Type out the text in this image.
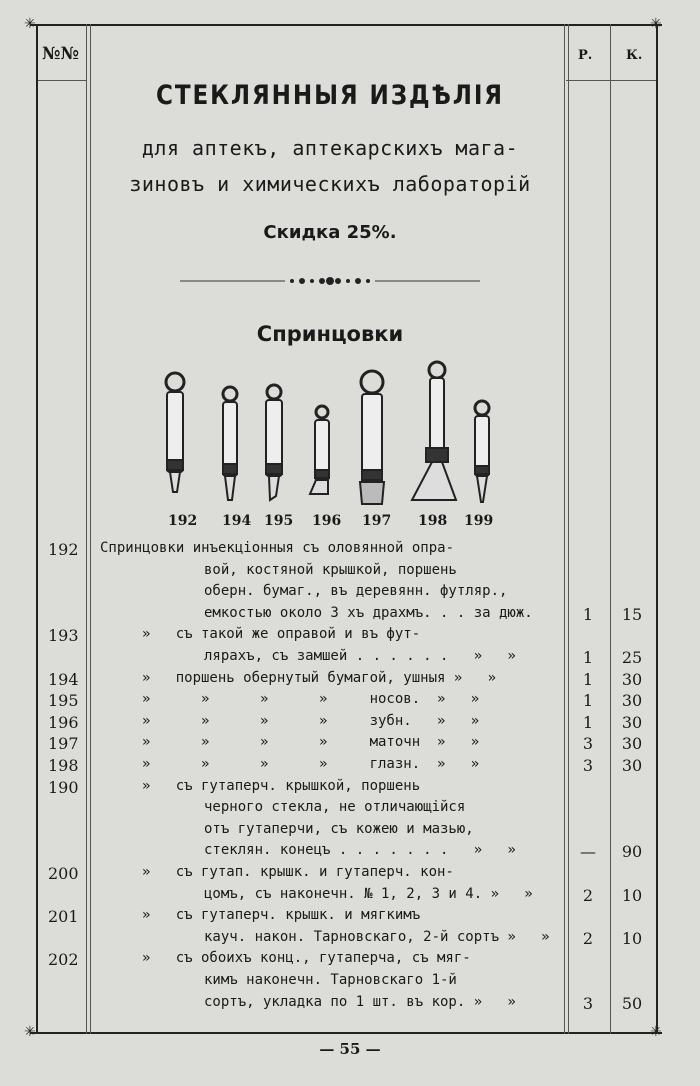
✳	✳
✳	✳
№№	Р.	К.
СТЕКЛЯННЫЯ ИЗДѢЛІЯ
для аптекъ, аптекарскихъ мага-
зиновъ и химическихъ лабораторій
Скидка 25%.
Спринцовки
192 194 195 196 197 198 199
192	Спринцовки инъекціонныя съ оловянной опра-
вой, костяной крышкой, поршень
оберн. бумаг., въ деревянн. футляр.,
емкостью около 3 хъ драхмъ. . . за дюж.	1	15
193	»   съ такой же оправой и въ фут-
лярахъ, съ замшей . . . . . .   »   »	1	25
194	»   поршень обернутый бумагой, ушныя »   »	1	30
195	»      »      »      »     носов.  »   »	1	30
196	»      »      »      »     зубн.   »   »	1	30
197	»      »      »      »     маточн  »   »	3	30
198	»      »      »      »     глазн.  »   »	3	30
190	»   съ гутаперч. крышкой, поршень
черного стекла, не отличающійся
отъ гутаперчи, съ кожею и мазью,
стеклян. конецъ . . . . . . .   »   »	—	90
200	»   съ гутап. крышк. и гутаперч. кон-
цомъ, съ наконечн. № 1, 2, 3 и 4. »   »	2	10
201	»   съ гутаперч. крышк. и мягкимъ
кауч. након. Тарновскаго, 2-й сортъ »   »	2	10
202	»   съ обоихъ конц., гутаперча, съ мяг-
кимъ наконечн. Тарновскаго 1-й
сортъ, укладка по 1 шт. въ кор. »   »	3	50
— 55 —
